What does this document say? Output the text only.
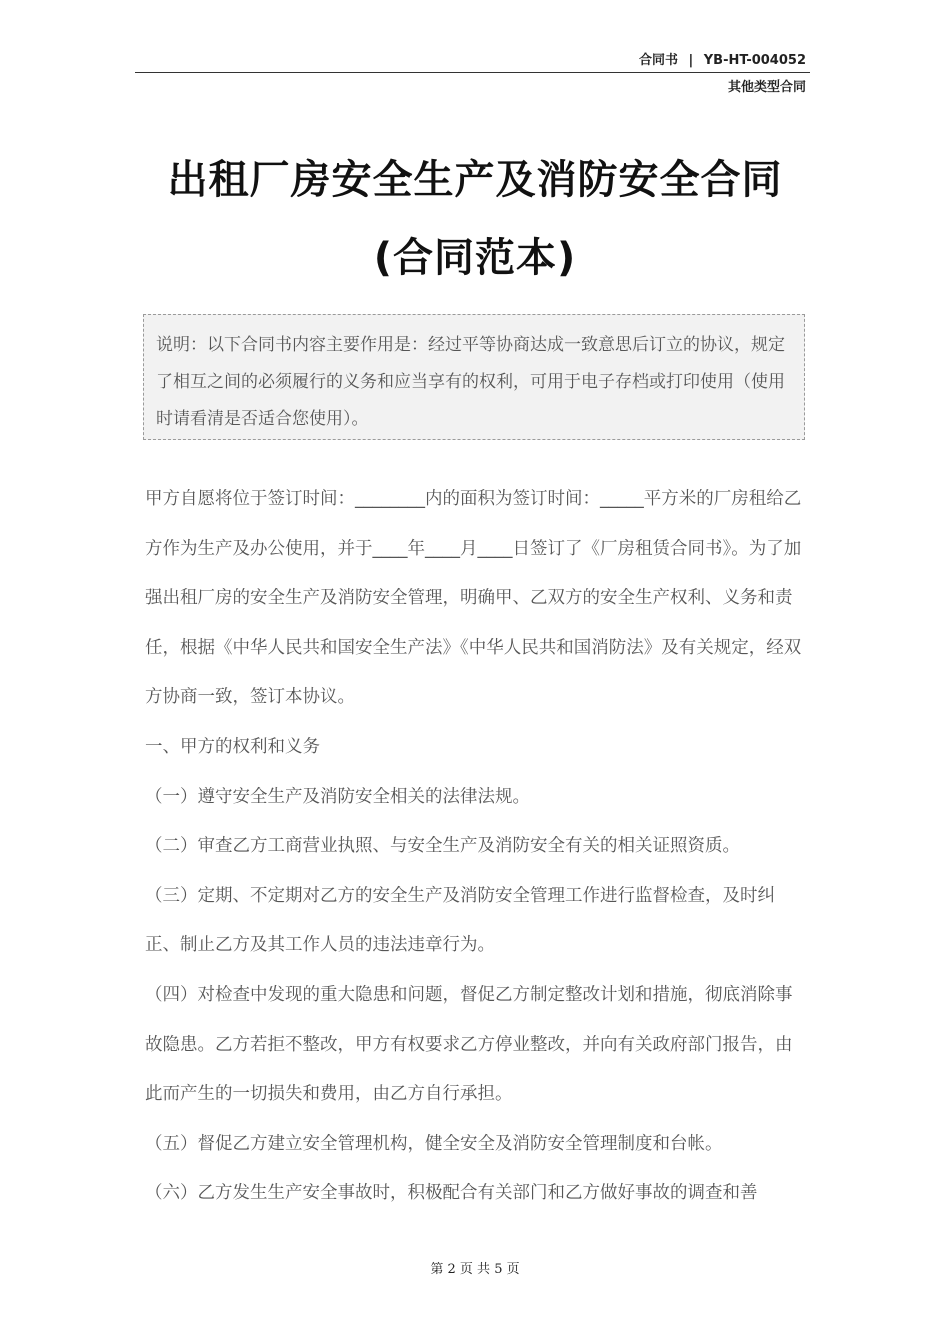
合同书 | YB-HT-004052
其他类型合同
出租厂房安全生产及消防安全合同
(合同范本)
说明：以下合同书内容主要作用是：经过平等协商达成一致意思后订立的协议，规定了相互之间的必须履行的义务和应当享有的权利，可用于电子存档或打印使用（使用时请看清是否适合您使用）。

甲方自愿将位于签订时间：________内的面积为签订时间：_____平方米的厂房租给乙方作为生产及办公使用，并于____年____月____日签订了《厂房租赁合同书》。为了加强出租厂房的安全生产及消防安全管理，明确甲、乙双方的安全生产权利、义务和责任，根据《中华人民共和国安全生产法》《中华人民共和国消防法》及有关规定，经双方协商一致，签订本协议。

一、甲方的权利和义务

（一）遵守安全生产及消防安全相关的法律法规。

（二）审查乙方工商营业执照、与安全生产及消防安全有关的相关证照资质。

（三）定期、不定期对乙方的安全生产及消防安全管理工作进行监督检查，及时纠正、制止乙方及其工作人员的违法违章行为。

（四）对检查中发现的重大隐患和问题，督促乙方制定整改计划和措施，彻底消除事故隐患。乙方若拒不整改，甲方有权要求乙方停业整改，并向有关政府部门报告，由此而产生的一切损失和费用，由乙方自行承担。

（五）督促乙方建立安全管理机构，健全安全及消防安全管理制度和台帐。

（六）乙方发生生产安全事故时，积极配合有关部门和乙方做好事故的调查和善

第 2 页 共 5 页
